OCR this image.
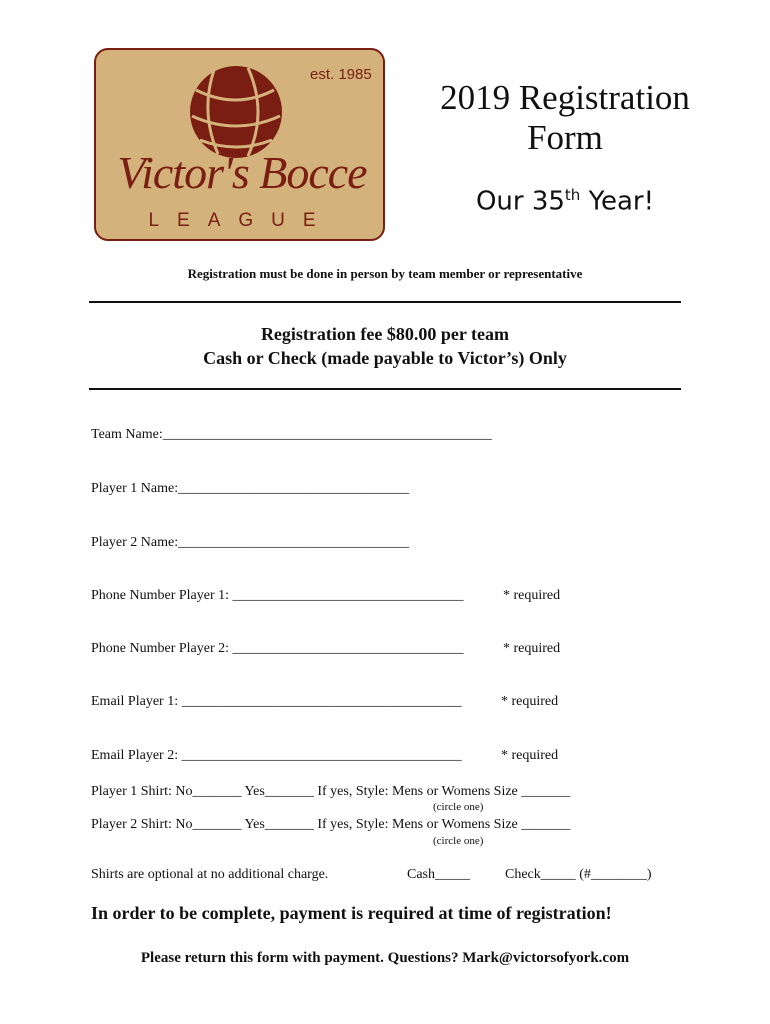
est. 1985
Victor's Bocce
LEAGUE
2019 Registration
Form
Our 35th Year!
Registration must be done in person by team member or representative
Registration fee $80.00 per team
Cash or Check (made payable to Victor’s) Only
Team Name:_______________________________________________
Player 1 Name:_________________________________
Player 2 Name:_________________________________
Phone Number Player 1: _________________________________	* required
Phone Number Player 2: _________________________________	* required
Email Player 1: ________________________________________	* required
Email Player 2: ________________________________________	* required
Player 1 Shirt: No_______ Yes_______ If yes, Style: Mens or Womens Size _______
(circle one)
Player 2 Shirt: No_______ Yes_______ If yes, Style: Mens or Womens Size _______
(circle one)
Shirts are optional at no additional charge.	Cash_____	Check_____ (#________)
In order to be complete, payment is required at time of registration!
Please return this form with payment. Questions? Mark@victorsofyork.com
